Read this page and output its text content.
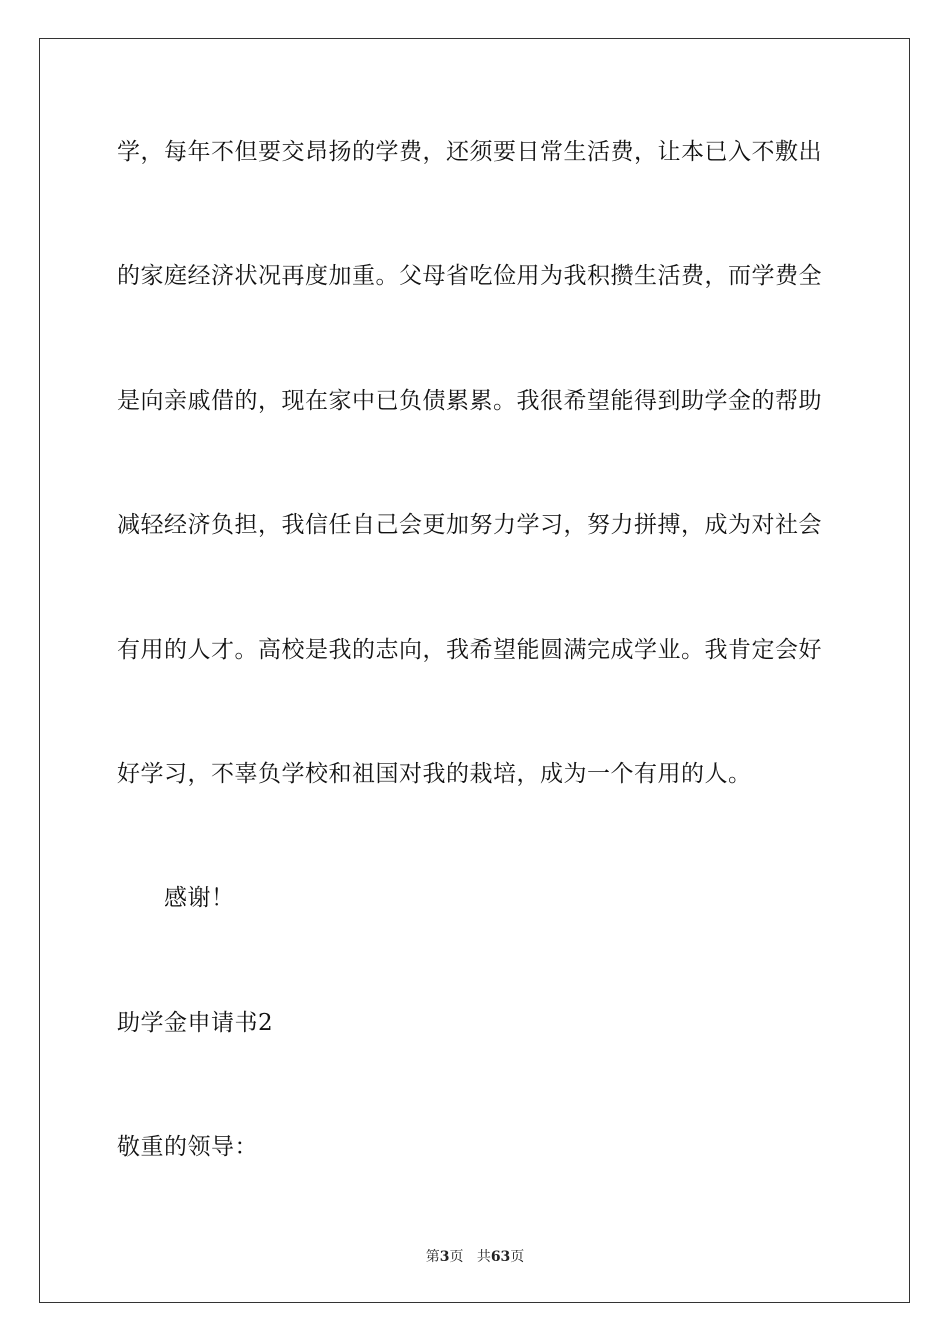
学，每年不但要交昂扬的学费，还须要日常生活费，让本已入不敷出
的家庭经济状况再度加重。父母省吃俭用为我积攒生活费，而学费全
是向亲戚借的，现在家中已负债累累。我很希望能得到助学金的帮助
减轻经济负担，我信任自己会更加努力学习，努力拼搏，成为对社会
有用的人才。高校是我的志向，我希望能圆满完成学业。我肯定会好
好学习，不辜负学校和祖国对我的栽培，成为一个有用的人。
感谢！
助学金申请书2
敬重的领导：
第3页 共63页
